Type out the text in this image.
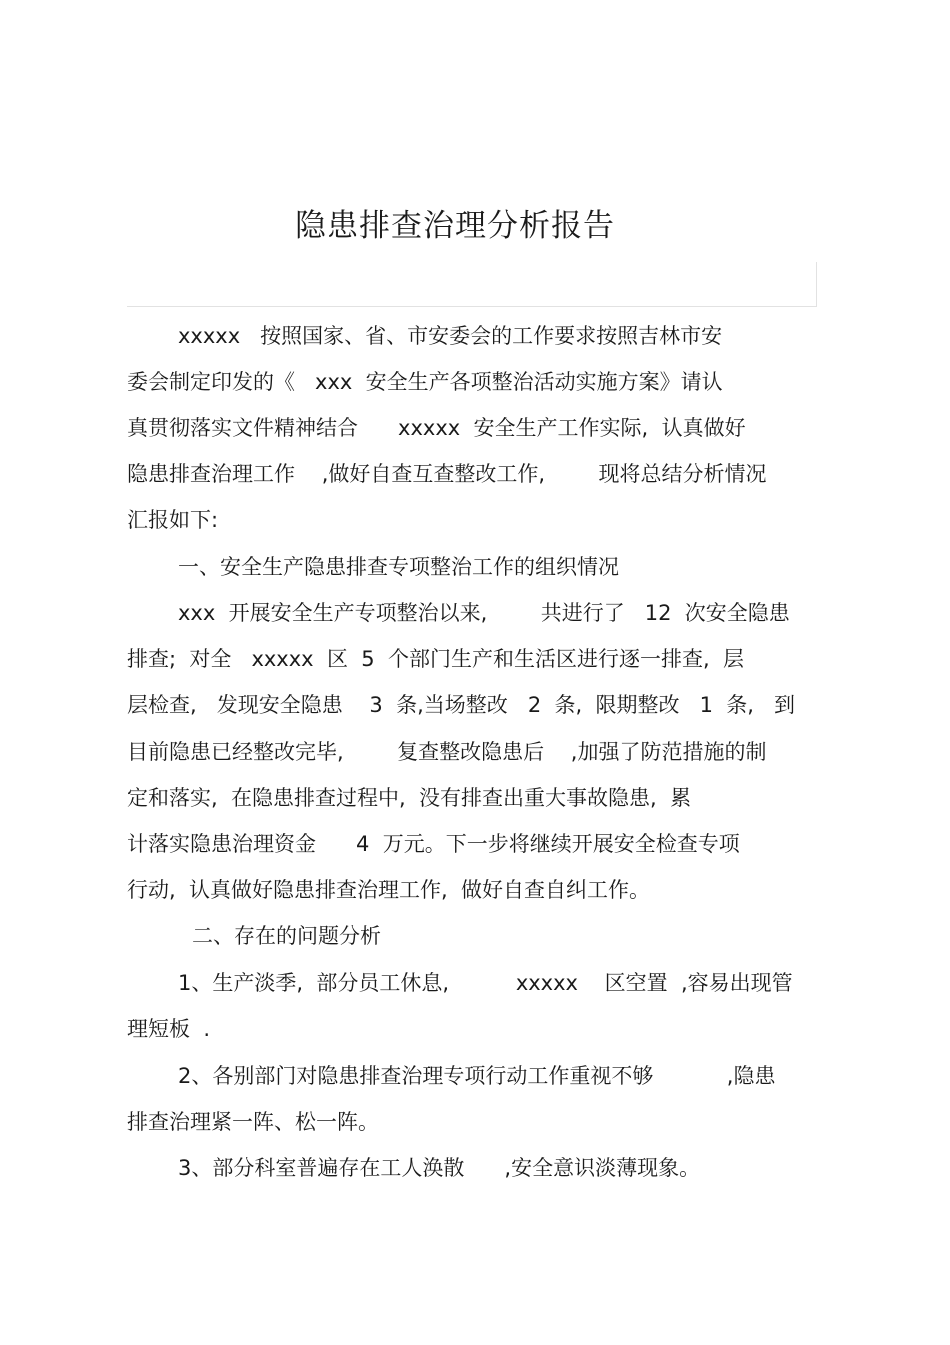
隐患排查治理分析报告

xxxxx   按照国家、省、市安委会的工作要求按照吉林市安

委会制定印发的《   xxx  安全生产各项整治活动实施方案》请认

真贯彻落实文件精神结合      xxxxx  安全生产工作实际,  认真做好

隐患排查治理工作    ,做好自查互查整改工作,        现将总结分析情况

汇报如下:

一、安全生产隐患排查专项整治工作的组织情况

xxx  开展安全生产专项整治以来,        共进行了   12  次安全隐患

排查;  对全   xxxxx  区  5  个部门生产和生活区进行逐一排查,  层

层检查,   发现安全隐患    3  条,当场整改   2  条,  限期整改   1  条,   到

目前隐患已经整改完毕,        复查整改隐患后    ,加强了防范措施的制

定和落实,  在隐患排查过程中,  没有排查出重大事故隐患,  累

计落实隐患治理资金      4  万元。下一步将继续开展安全检查专项

行动,  认真做好隐患排查治理工作,  做好自查自纠工作。

二、存在的问题分析

1、生产淡季,  部分员工休息,          xxxxx    区空置  ,容易出现管

理短板  .

2、各别部门对隐患排查治理专项行动工作重视不够           ,隐患

排查治理紧一阵、松一阵。

3、部分科室普遍存在工人涣散      ,安全意识淡薄现象。
